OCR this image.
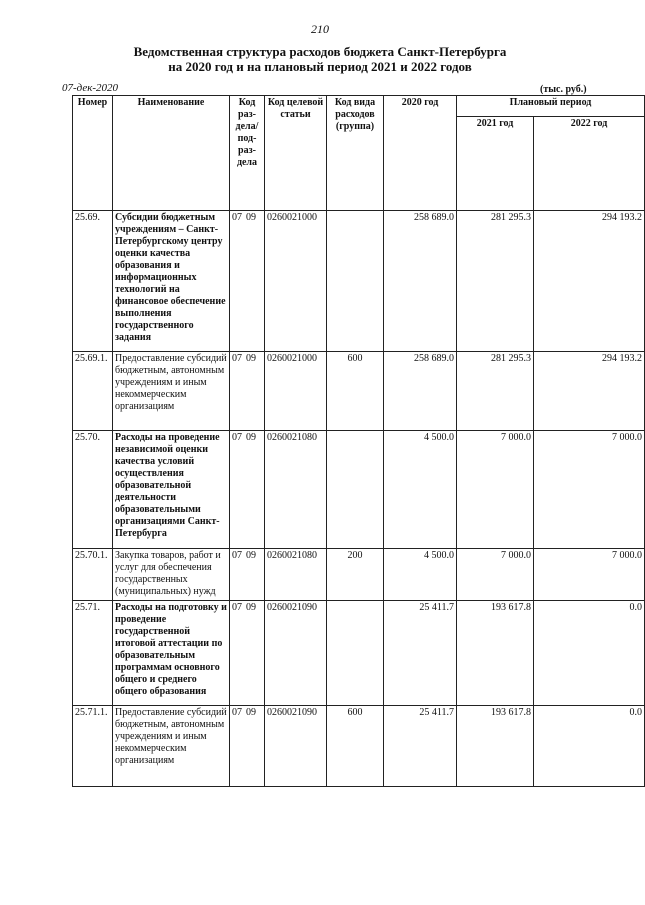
210
Ведомственная структура расходов бюджета Санкт-Петербурга
на 2020 год и на плановый период 2021 и 2022 годов
07-дек-2020	(тыс. руб.)
Номер	Наименование	Код раз- дела/ под- раз- дела	Код целевой статьи	Код вида расходов (группа)	2020 год	Плановый период	
						2021 год	2022 год
25.69.	Субсидии бюджетным учреждениям – Санкт-Петербургскому центру оценки качества образования и информационных технологий на финансовое обеспечение выполнения государственного задания	07 09	0260021000		258 689.0	281 295.3	294 193.2
25.69.1.	Предоставление субсидий бюджетным, автономным учреждениям и иным некоммерческим организациям	07 09	0260021000	600	258 689.0	281 295.3	294 193.2
25.70.	Расходы на проведение независимой оценки качества условий осуществления образовательной деятельности образовательными организациями Санкт-Петербурга	07 09	0260021080		4 500.0	7 000.0	7 000.0
25.70.1.	Закупка товаров, работ и услуг для обеспечения государственных (муниципальных) нужд	07 09	0260021080	200	4 500.0	7 000.0	7 000.0
25.71.	Расходы на подготовку и проведение государственной итоговой аттестации по образовательным программам основного общего и среднего общего образования	07 09	0260021090		25 411.7	193 617.8	0.0
25.71.1.	Предоставление субсидий бюджетным, автономным учреждениям и иным некоммерческим организациям	07 09	0260021090	600	25 411.7	193 617.8	0.0
